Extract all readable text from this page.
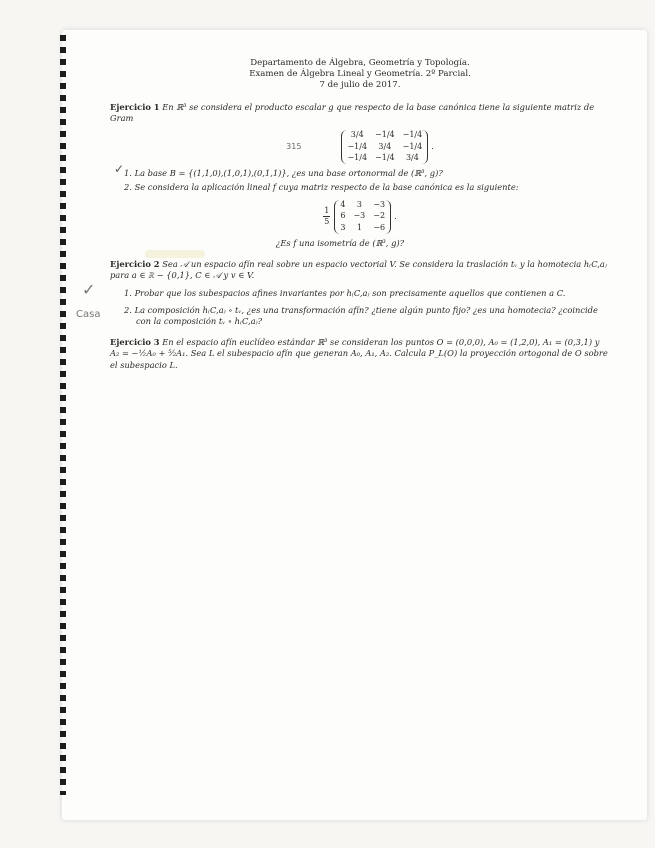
✓
✓
Casa
Departamento de Álgebra, Geometría y Topología.
Examen de Álgebra Lineal y Geometría. 2º Parcial.
7 de julio de 2017.
Ejercicio 1 En ℝ³ se considera el producto escalar g que respecto de la base canónica tiene la siguiente matriz de Gram
315
3/4	−1/4 −1/4
−1/4	3/4	−1/4
−1/4 −1/4	3/4
.
1. La base B = {(1,1,0),(1,0,1),(0,1,1)}, ¿es una base ortonormal de (ℝ³, g)?
2. Se considera la aplicación lineal f cuya matriz respecto de la base canónica es la siguiente:
$\frac{1}{5}$
4	3	−3
6 −3 −2
3	1	−6
.
¿Es f una isometría de (ℝ³, g)?
Ejercicio 2 Sea 𝒜 un espacio afín real sobre un espacio vectorial V. Se considera la traslación tᵥ y la homotecia h₍C,a₎ para a ∈ ℝ − {0,1}, C ∈ 𝒜 y v ∈ V.
1. Probar que los subespacios afines invariantes por h₍C,a₎ son precisamente aquellos que contienen a C.
2. La composición h₍C,a₎ ∘ tᵥ, ¿es una transformación afín? ¿tiene algún punto fijo? ¿es una homotecia? ¿coincide con la composición tᵥ ∘ h₍C,a₎?
Ejercicio 3 En el espacio afín euclídeo estándar ℝ³ se consideran los puntos O = (0,0,0), A₀ = (1,2,0), A₁ = (0,3,1) y A₂ = −½A₀ + ⁵⁄₂A₁. Sea L el subespacio afín que generan A₀, A₁, A₂. Calcula P_L(O) la proyección ortogonal de O sobre el subespacio L.
